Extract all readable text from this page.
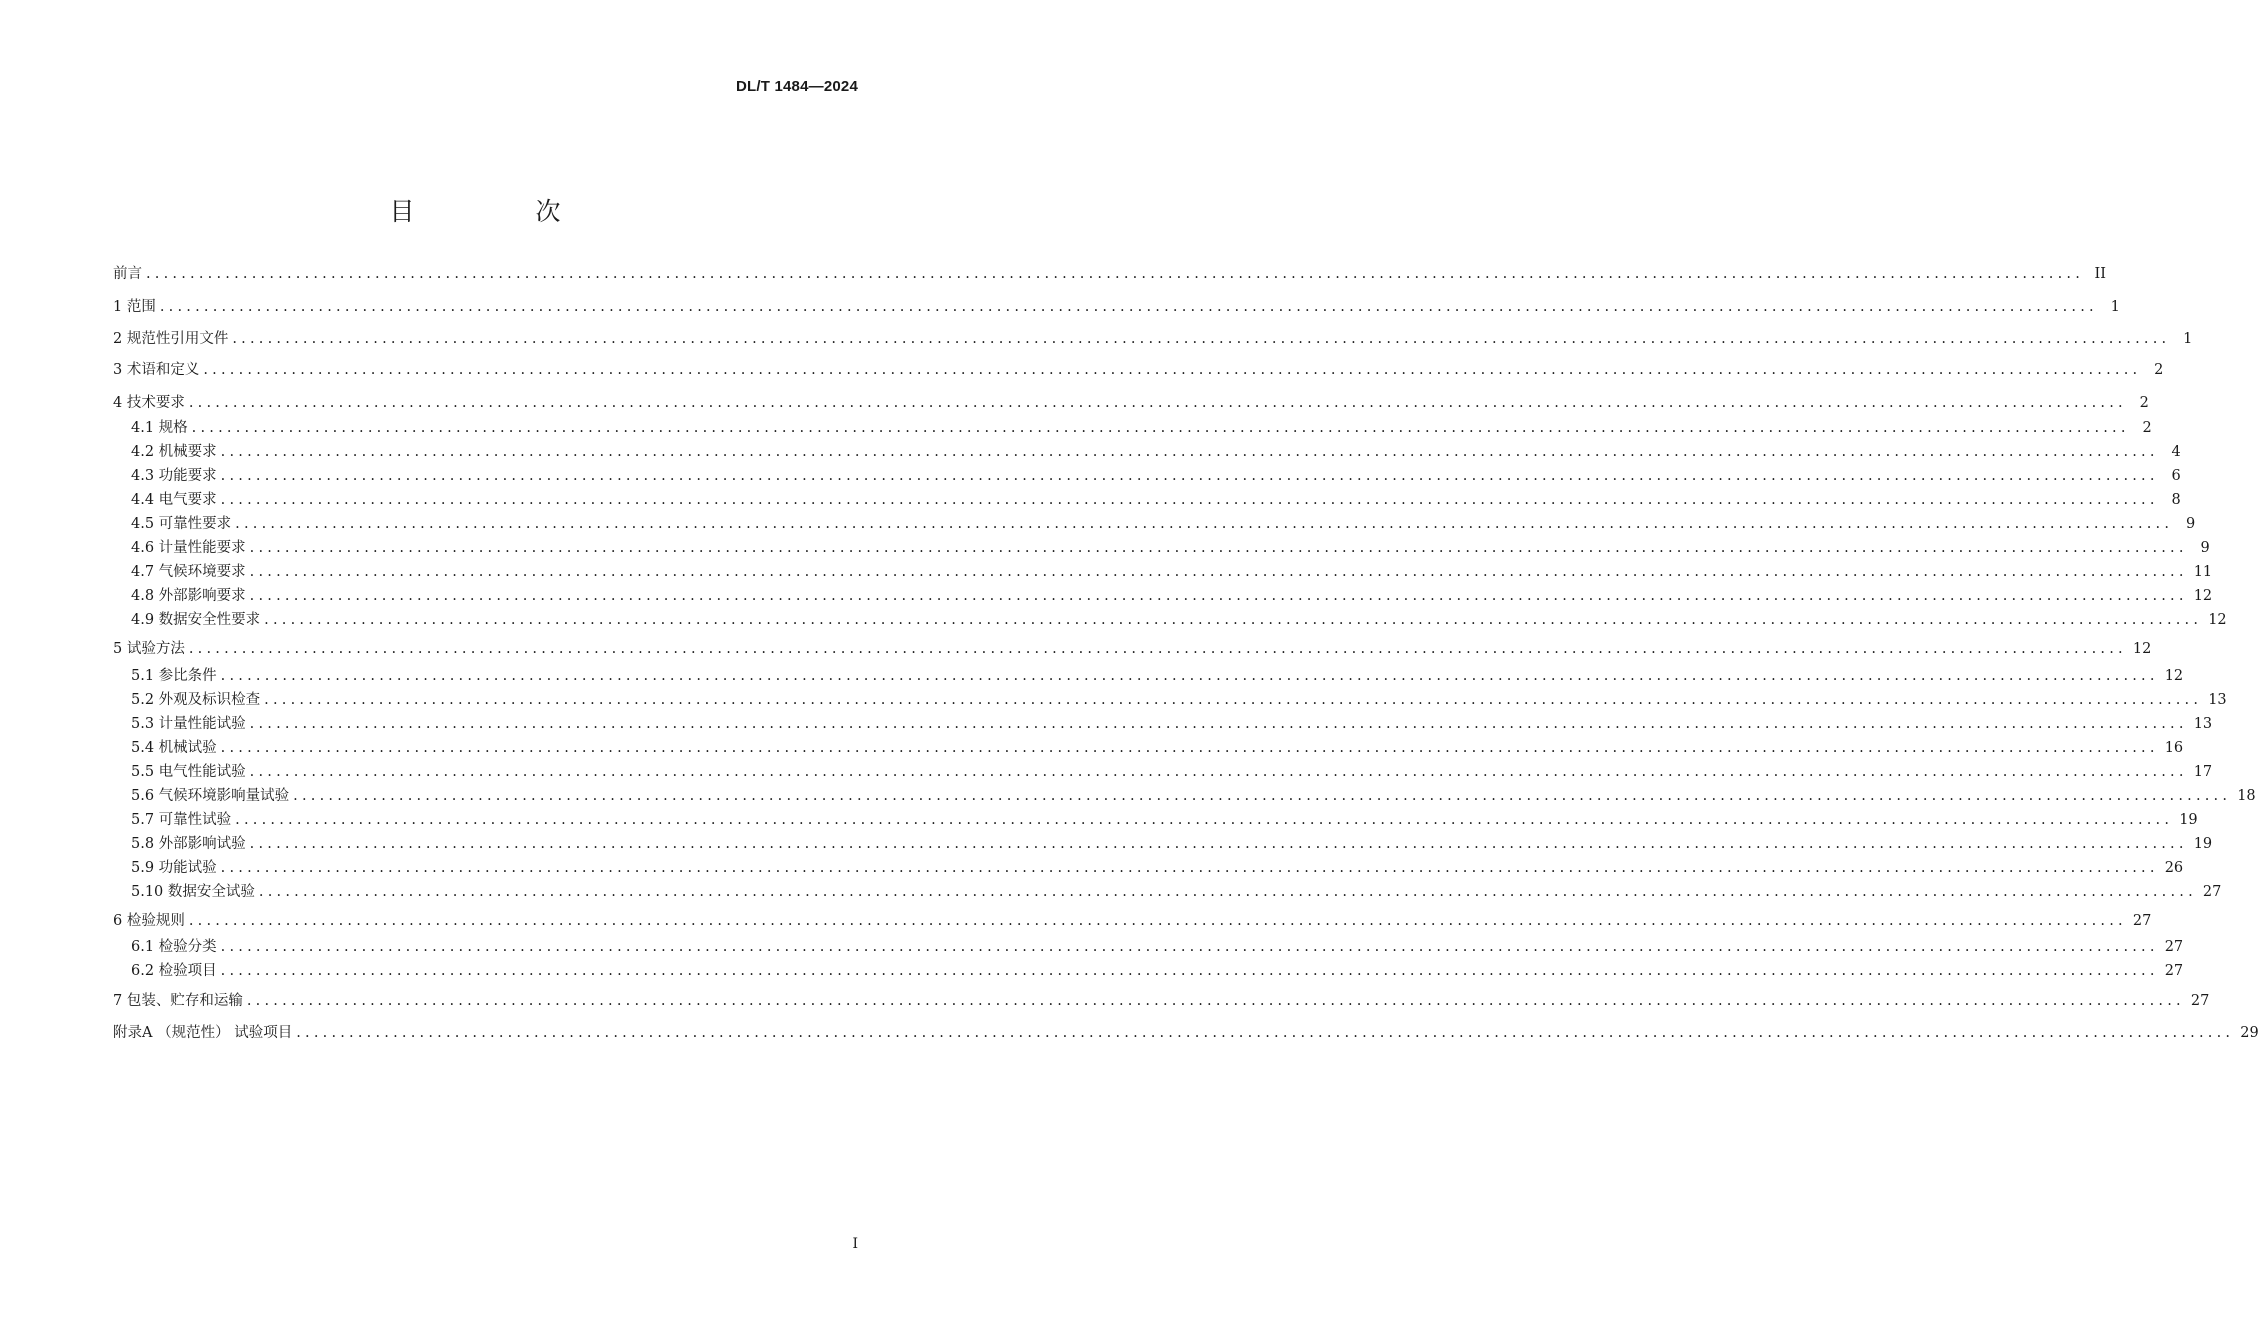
DL/T 1484—2024
目　次
前言 ............................................................................................................................................................................................................................ II
1 范围 ............................................................................................................................................................................................................................ 1
2 规范性引用文件 ............................................................................................................................................................................................................................ 1
3 术语和定义 ............................................................................................................................................................................................................................ 2
4 技术要求 ............................................................................................................................................................................................................................ 2
4.1 规格 ............................................................................................................................................................................................................................ 2
4.2 机械要求 ............................................................................................................................................................................................................................ 4
4.3 功能要求 ............................................................................................................................................................................................................................ 6
4.4 电气要求 ............................................................................................................................................................................................................................ 8
4.5 可靠性要求 ............................................................................................................................................................................................................................ 9
4.6 计量性能要求 ............................................................................................................................................................................................................................ 9
4.7 气候环境要求 ............................................................................................................................................................................................................................ 11
4.8 外部影响要求 ............................................................................................................................................................................................................................ 12
4.9 数据安全性要求 ............................................................................................................................................................................................................................ 12
5 试验方法 ............................................................................................................................................................................................................................ 12
5.1 参比条件 ............................................................................................................................................................................................................................ 12
5.2 外观及标识检查 ............................................................................................................................................................................................................................ 13
5.3 计量性能试验 ............................................................................................................................................................................................................................ 13
5.4 机械试验 ............................................................................................................................................................................................................................ 16
5.5 电气性能试验 ............................................................................................................................................................................................................................ 17
5.6 气候环境影响量试验 ............................................................................................................................................................................................................................ 18
5.7 可靠性试验 ............................................................................................................................................................................................................................ 19
5.8 外部影响试验 ............................................................................................................................................................................................................................ 19
5.9 功能试验 ............................................................................................................................................................................................................................ 26
5.10 数据安全试验 ............................................................................................................................................................................................................................ 27
6 检验规则 ............................................................................................................................................................................................................................ 27
6.1 检验分类 ............................................................................................................................................................................................................................ 27
6.2 检验项目 ............................................................................................................................................................................................................................ 27
7 包装、贮存和运输 ............................................................................................................................................................................................................................ 27
附录A （规范性） 试验项目 ............................................................................................................................................................................................................................ 29
I
